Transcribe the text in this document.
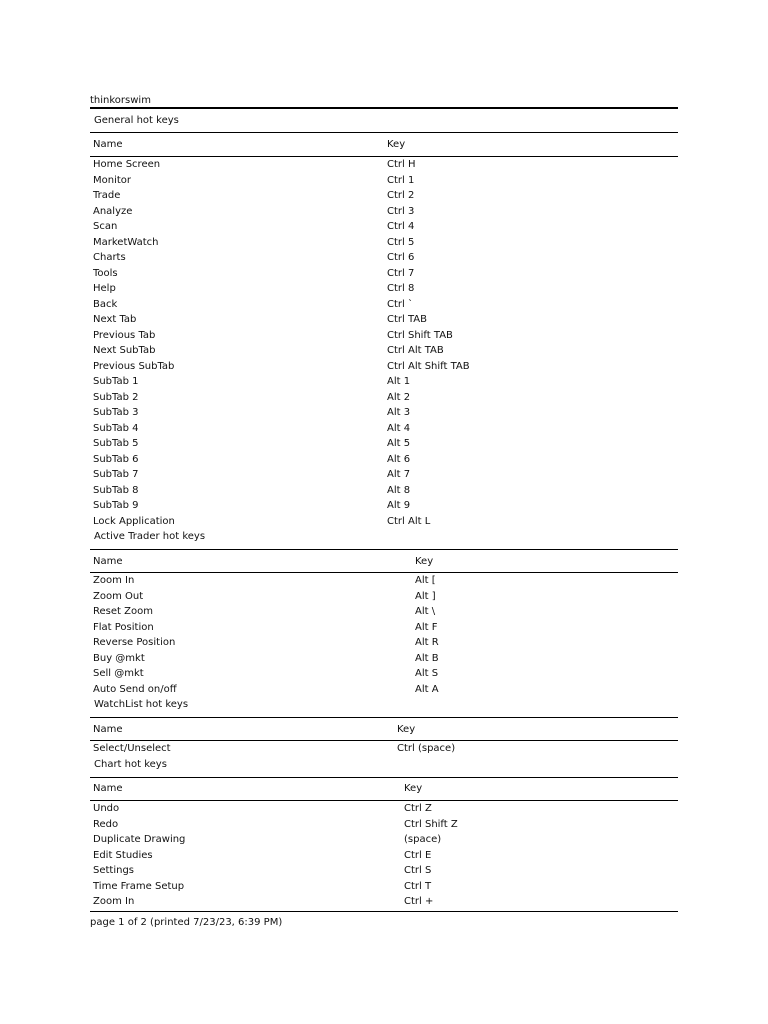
thinkorswim
General hot keys
Name	Key
Home Screen	Ctrl H
Monitor	Ctrl 1
Trade	Ctrl 2
Analyze	Ctrl 3
Scan	Ctrl 4
MarketWatch	Ctrl 5
Charts	Ctrl 6
Tools	Ctrl 7
Help	Ctrl 8
Back	Ctrl `
Next Tab	Ctrl TAB
Previous Tab	Ctrl Shift TAB
Next SubTab	Ctrl Alt TAB
Previous SubTab	Ctrl Alt Shift TAB
SubTab 1	Alt 1
SubTab 2	Alt 2
SubTab 3	Alt 3
SubTab 4	Alt 4
SubTab 5	Alt 5
SubTab 6	Alt 6
SubTab 7	Alt 7
SubTab 8	Alt 8
SubTab 9	Alt 9
Lock Application	Ctrl Alt L
Active Trader hot keys
Name	Key
Zoom In	Alt [
Zoom Out	Alt ]
Reset Zoom	Alt \
Flat Position	Alt F
Reverse Position	Alt R
Buy @mkt	Alt B
Sell @mkt	Alt S
Auto Send on/off	Alt A
WatchList hot keys
Name	Key
Select/Unselect	Ctrl (space)
Chart hot keys
Name	Key
Undo	Ctrl Z
Redo	Ctrl Shift Z
Duplicate Drawing	(space)
Edit Studies	Ctrl E
Settings	Ctrl S
Time Frame Setup	Ctrl T
Zoom In	Ctrl +
page 1 of 2 (printed 7/23/23, 6:39 PM)
